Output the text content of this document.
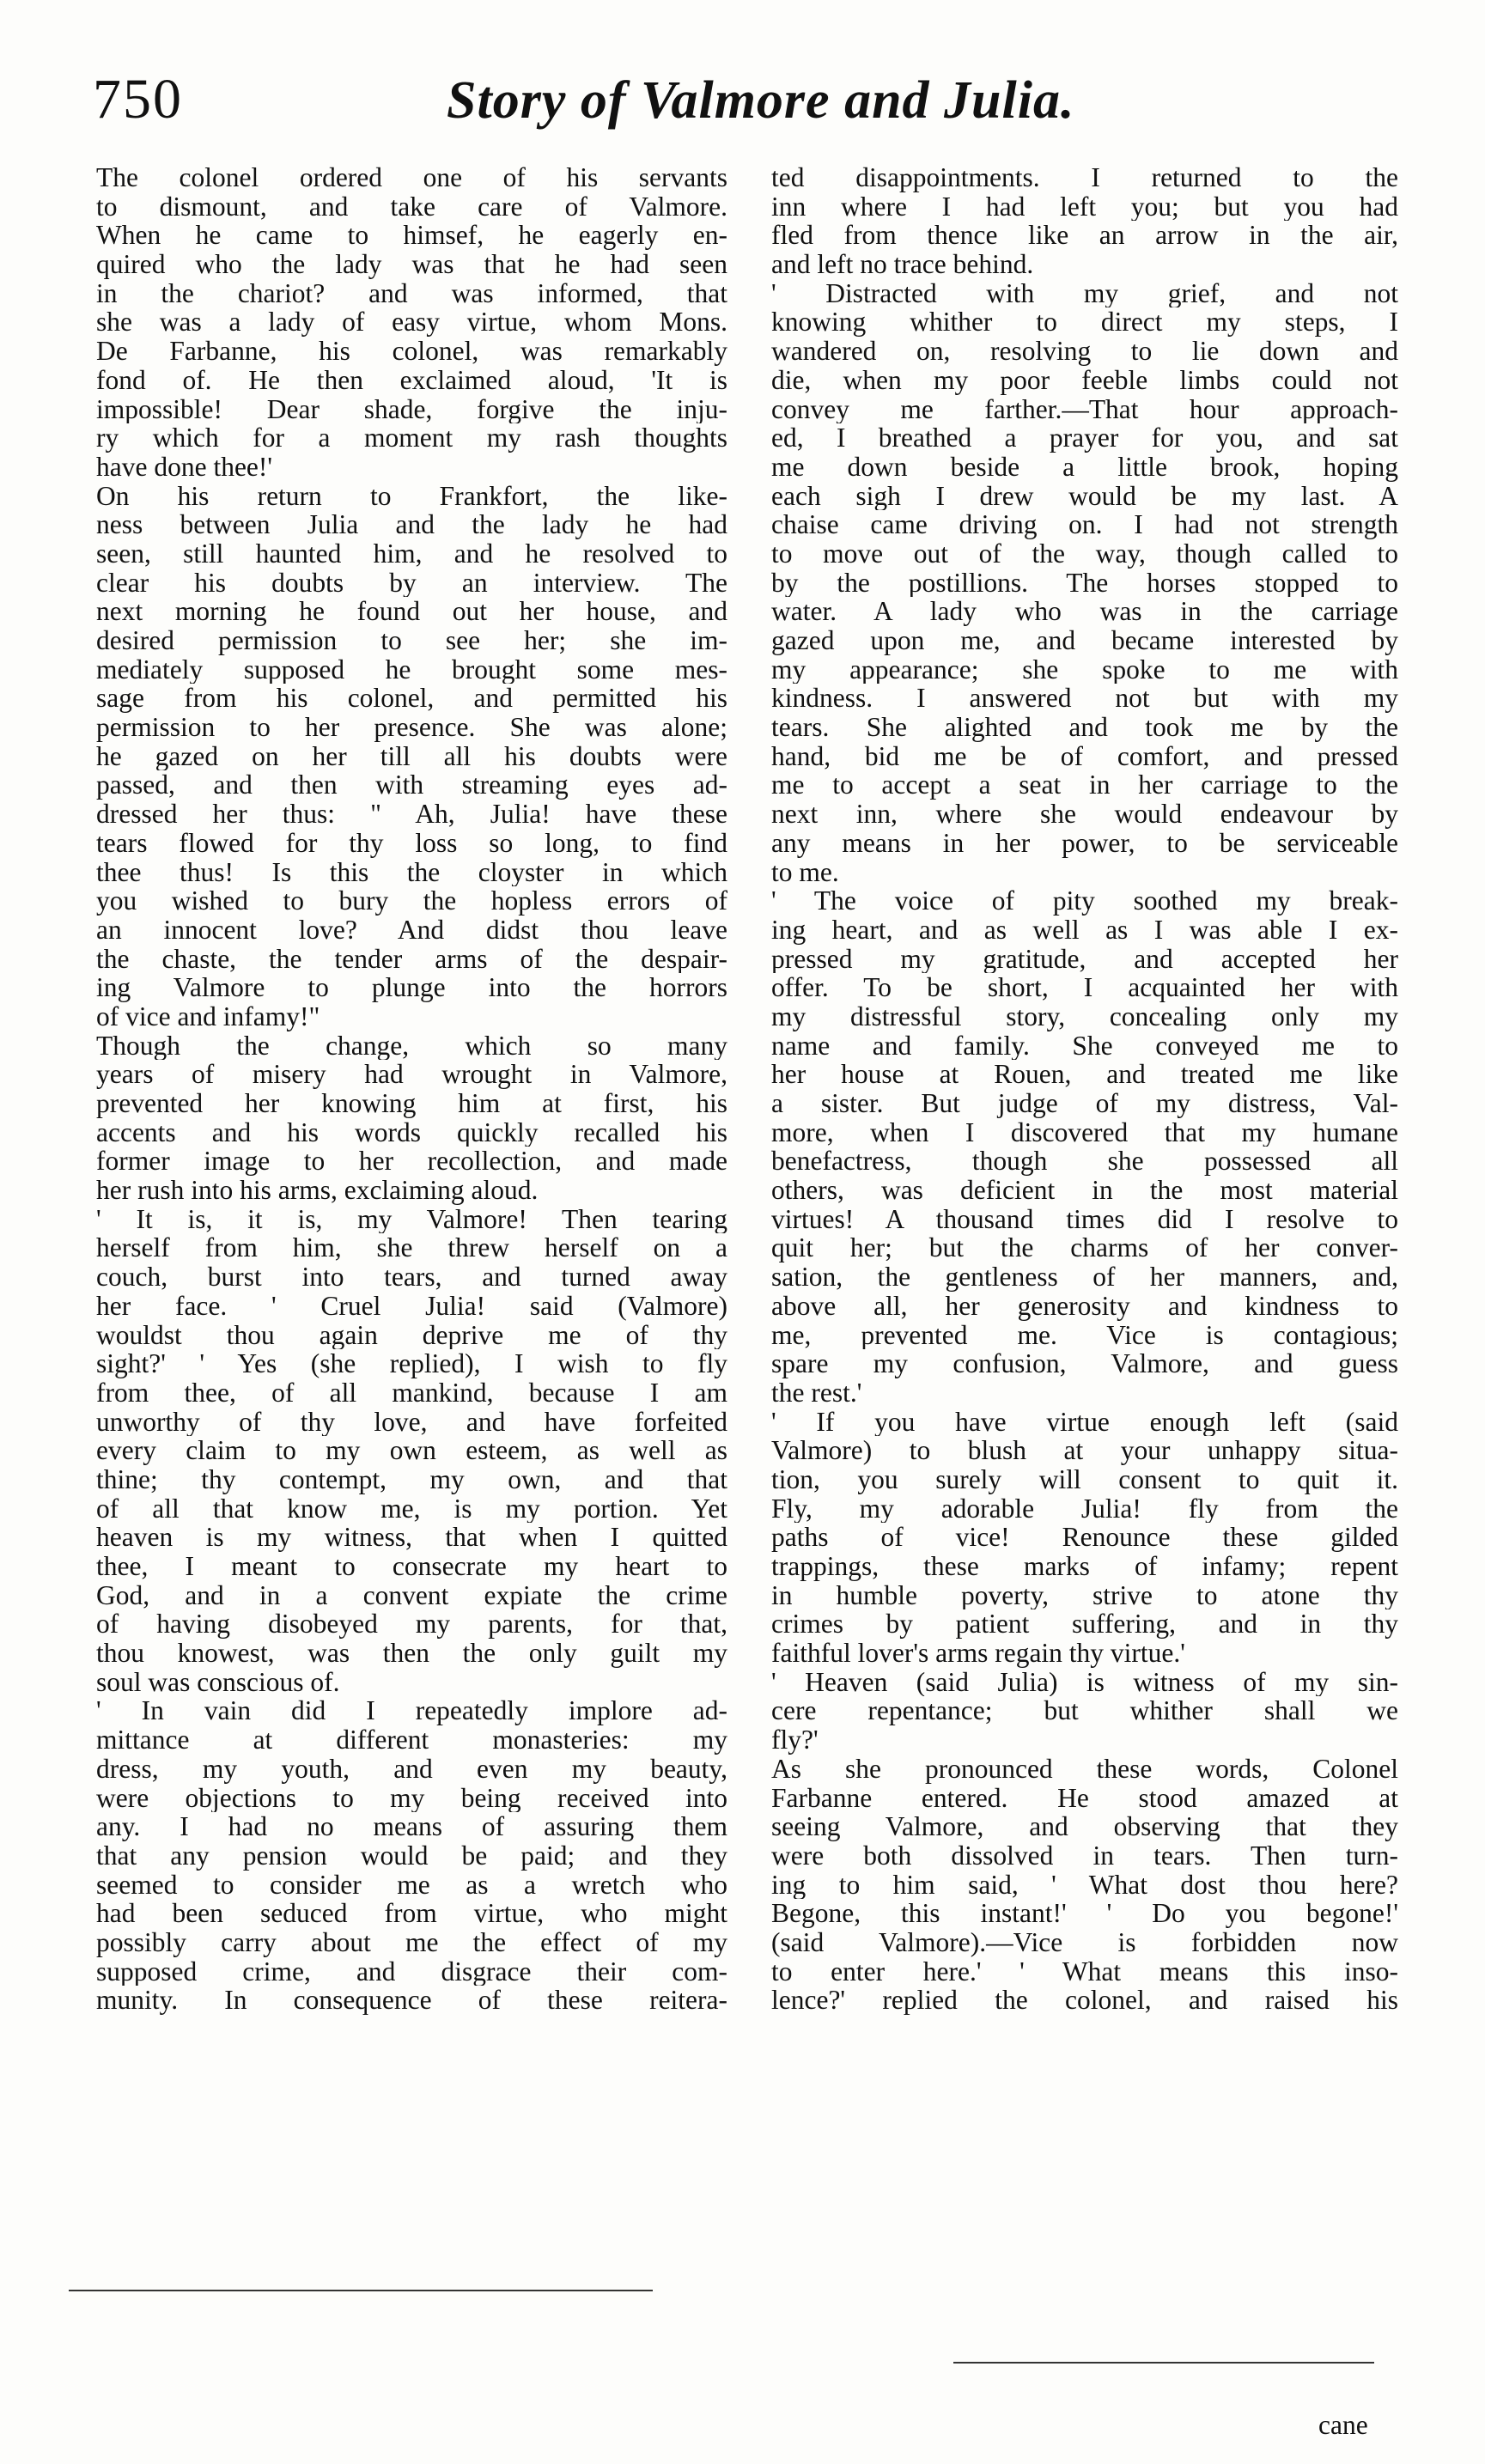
750	Story of Valmore and Julia.
The colonel ordered one of his servants
to dismount, and take care of Valmore.
When he came to himsef, he eagerly en-
quired who the lady was that he had seen
in the chariot? and was informed, that
she was a lady of easy virtue, whom Mons.
De Farbanne, his colonel, was remarkably
fond of. He then exclaimed aloud, 'It is
impossible! Dear shade, forgive the inju-
ry which for a moment my rash thoughts
have done thee!'
On his return to Frankfort, the like-
ness between Julia and the lady he had
seen, still haunted him, and he resolved to
clear his doubts by an interview. The
next morning he found out her house, and
desired permission to see her; she im-
mediately supposed he brought some mes-
sage from his colonel, and permitted his
permission to her presence. She was alone;
he gazed on her till all his doubts were
passed, and then with streaming eyes ad-
dressed her thus: " Ah, Julia! have these
tears flowed for thy loss so long, to find
thee thus! Is this the cloyster in which
you wished to bury the hopless errors of
an innocent love? And didst thou leave
the chaste, the tender arms of the despair-
ing Valmore to plunge into the horrors
of vice and infamy!"
Though the change, which so many
years of misery had wrought in Valmore,
prevented her knowing him at first, his
accents and his words quickly recalled his
former image to her recollection, and made
her rush into his arms, exclaiming aloud.
' It is, it is, my Valmore! Then tearing
herself from him, she threw herself on a
couch, burst into tears, and turned away
her face. ' Cruel Julia! said (Valmore)
wouldst thou again deprive me of thy
sight?' ' Yes (she replied), I wish to fly
from thee, of all mankind, because I am
unworthy of thy love, and have forfeited
every claim to my own esteem, as well as
thine; thy contempt, my own, and that
of all that know me, is my portion. Yet
heaven is my witness, that when I quitted
thee, I meant to consecrate my heart to
God, and in a convent expiate the crime
of having disobeyed my parents, for that,
thou knowest, was then the only guilt my
soul was conscious of.
' In vain did I repeatedly implore ad-
mittance at different monasteries: my
dress, my youth, and even my beauty,
were objections to my being received into
any. I had no means of assuring them
that any pension would be paid; and they
seemed to consider me as a wretch who
had been seduced from virtue, who might
possibly carry about me the effect of my
supposed crime, and disgrace their com-
munity. In consequence of these reitera-
ted disappointments. I returned to the
inn where I had left you; but you had
fled from thence like an arrow in the air,
and left no trace behind.
' Distracted with my grief, and not
knowing whither to direct my steps, I
wandered on, resolving to lie down and
die, when my poor feeble limbs could not
convey me farther.—That hour approach-
ed, I breathed a prayer for you, and sat
me down beside a little brook, hoping
each sigh I drew would be my last. A
chaise came driving on. I had not strength
to move out of the way, though called to
by the postillions. The horses stopped to
water. A lady who was in the carriage
gazed upon me, and became interested by
my appearance; she spoke to me with
kindness. I answered not but with my
tears. She alighted and took me by the
hand, bid me be of comfort, and pressed
me to accept a seat in her carriage to the
next inn, where she would endeavour by
any means in her power, to be serviceable
to me.
' The voice of pity soothed my break-
ing heart, and as well as I was able I ex-
pressed my gratitude, and accepted her
offer. To be short, I acquainted her with
my distressful story, concealing only my
name and family. She conveyed me to
her house at Rouen, and treated me like
a sister. But judge of my distress, Val-
more, when I discovered that my humane
benefactress, though she possessed all
others, was deficient in the most material
virtues! A thousand times did I resolve to
quit her; but the charms of her conver-
sation, the gentleness of her manners, and,
above all, her generosity and kindness to
me, prevented me. Vice is contagious;
spare my confusion, Valmore, and guess
the rest.'
' If you have virtue enough left (said
Valmore) to blush at your unhappy situa-
tion, you surely will consent to quit it.
Fly, my adorable Julia! fly from the
paths of vice! Renounce these gilded
trappings, these marks of infamy; repent
in humble poverty, strive to atone thy
crimes by patient suffering, and in thy
faithful lover's arms regain thy virtue.'
' Heaven (said Julia) is witness of my sin-
cere repentance; but whither shall we
fly?'
As she pronounced these words, Colonel
Farbanne entered. He stood amazed at
seeing Valmore, and observing that they
were both dissolved in tears. Then turn-
ing to him said, ' What dost thou here?
Begone, this instant!' ' Do you begone!'
(said Valmore).—Vice is forbidden now
to enter here.' ' What means this inso-
lence?' replied the colonel, and raised his
cane
